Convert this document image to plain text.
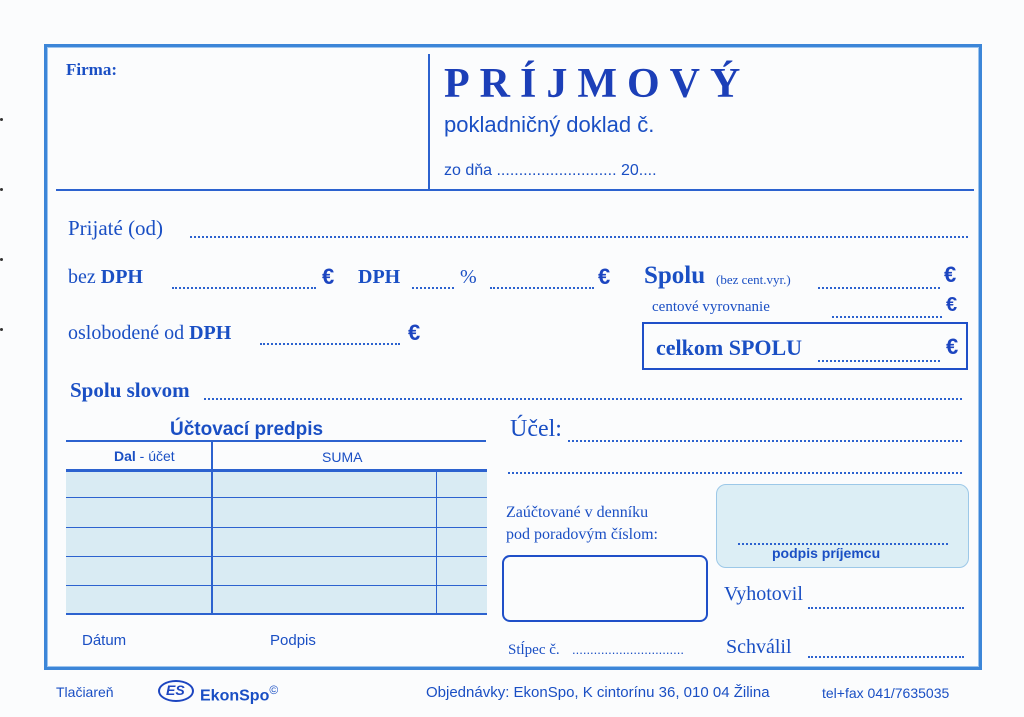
Firma:	PRÍJMOVÝ
pokladničný doklad č.
zo dňa ........................... 20....
Prijaté (od)
bez DPH	€ DPH	%	€ Spolu (bez cent.vyr.)	€
centové vyrovnanie	€
oslobodené od DPH	€
celkom SPOLU	€
Spolu slovom
Účtovací predpis
Dal - účet	SUMA
Dátum	Podpis
Účel:
Zaúčtované v denníku
pod poradovým číslom:
podpis príjemcu
Vyhotovil
Stĺpec č. ............................... Schválil
Tlačiareň	ES EkonSpo©	Objednávky: EkonSpo, K cintorínu 36, 010 04 Žilina	tel+fax 041/7635035
